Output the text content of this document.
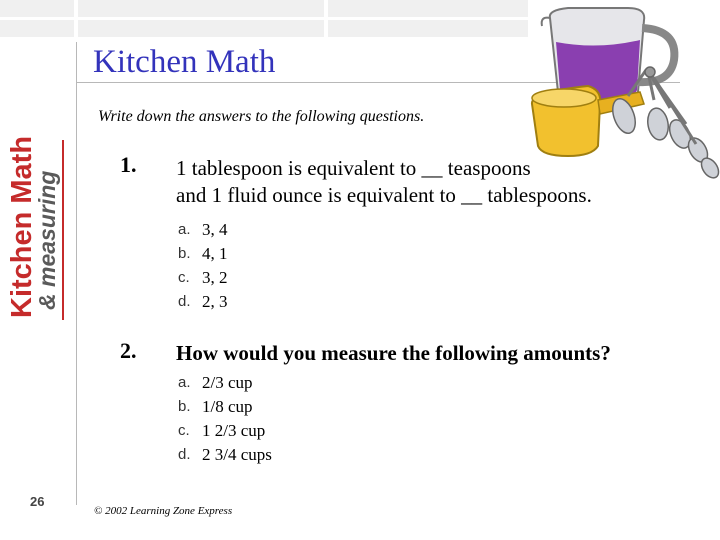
Kitchen Math
& measuring
Kitchen Math
Write down the answers to the following questions.
1. 1 tablespoon is equivalent to __ teaspoons
and 1 fluid ounce is equivalent to __ tablespoons.
a. 3, 4
b. 4, 1
c. 3, 2
d. 2, 3
2. How would you measure the following amounts?
a. 2/3 cup
b. 1/8 cup
c. 1 2/3 cup
d. 2 3/4 cups
26
© 2002 Learning Zone Express
